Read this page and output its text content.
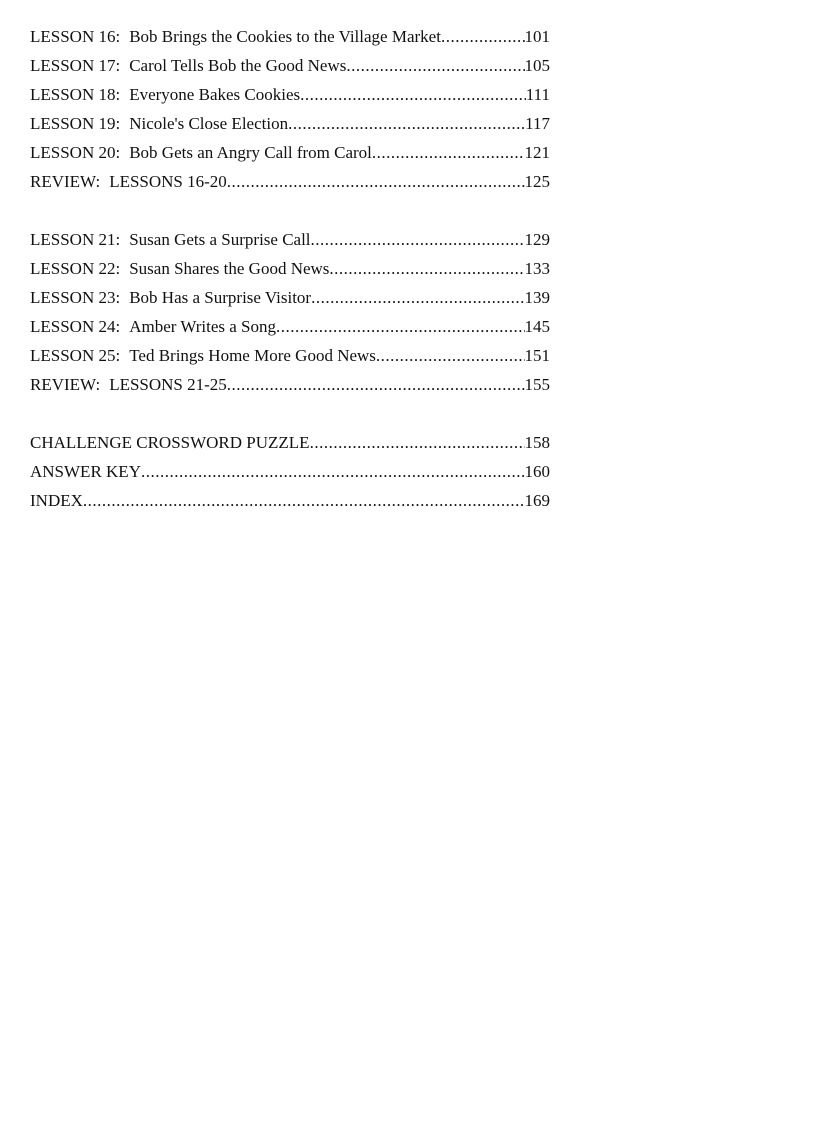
LESSON 16: Bob Brings the Cookies to the Village Market .....	101
LESSON 17: Carol Tells Bob the Good News .....	105
LESSON 18: Everyone Bakes Cookies .....	111
LESSON 19: Nicole's Close Election .....	117
LESSON 20: Bob Gets an Angry Call from Carol .....	121
REVIEW: LESSONS 16-20 .....	125
LESSON 21: Susan Gets a Surprise Call .....	129
LESSON 22: Susan Shares the Good News .....	133
LESSON 23: Bob Has a Surprise Visitor .....	139
LESSON 24: Amber Writes a Song .....	145
LESSON 25: Ted Brings Home More Good News .....	151
REVIEW: LESSONS 21-25 .....	155
CHALLENGE CROSSWORD PUZZLE .....	158
ANSWER KEY .....	160
INDEX .....	169
